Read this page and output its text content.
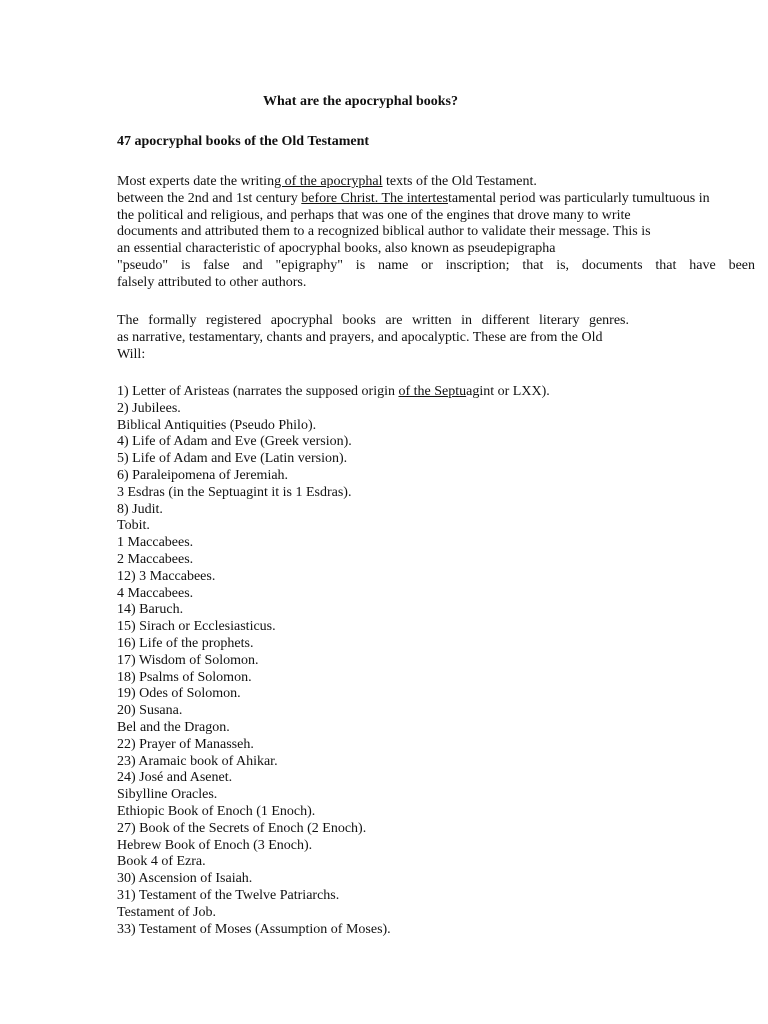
What are the apocryphal books?
47 apocryphal books of the Old Testament
Most experts date the writing of the apocryphal texts of the Old Testament.
between the 2nd and 1st century before Christ. The intertestamental period was particularly tumultuous in
the political and religious, and perhaps that was one of the engines that drove many to write
documents and attributed them to a recognized biblical author to validate their message. This is
an essential characteristic of apocryphal books, also known as pseudepigrapha
"pseudo" is false and "epigraphy" is name or inscription; that is, documents that have been
falsely attributed to other authors.
The formally registered apocryphal books are written in different literary genres.
as narrative, testamentary, chants and prayers, and apocalyptic. These are from the Old
Will:
1) Letter of Aristeas (narrates the supposed origin of the Septuagint or LXX).
2) Jubilees.
Biblical Antiquities (Pseudo Philo).
4) Life of Adam and Eve (Greek version).
5) Life of Adam and Eve (Latin version).
6) Paraleipomena of Jeremiah.
3 Esdras (in the Septuagint it is 1 Esdras).
8) Judit.
Tobit.
1 Maccabees.
2 Maccabees.
12) 3 Maccabees.
4 Maccabees.
14) Baruch.
15) Sirach or Ecclesiasticus.
16) Life of the prophets.
17) Wisdom of Solomon.
18) Psalms of Solomon.
19) Odes of Solomon.
20) Susana.
Bel and the Dragon.
22) Prayer of Manasseh.
23) Aramaic book of Ahikar.
24) José and Asenet.
Sibylline Oracles.
Ethiopic Book of Enoch (1 Enoch).
27) Book of the Secrets of Enoch (2 Enoch).
Hebrew Book of Enoch (3 Enoch).
Book 4 of Ezra.
30) Ascension of Isaiah.
31) Testament of the Twelve Patriarchs.
Testament of Job.
33) Testament of Moses (Assumption of Moses).
